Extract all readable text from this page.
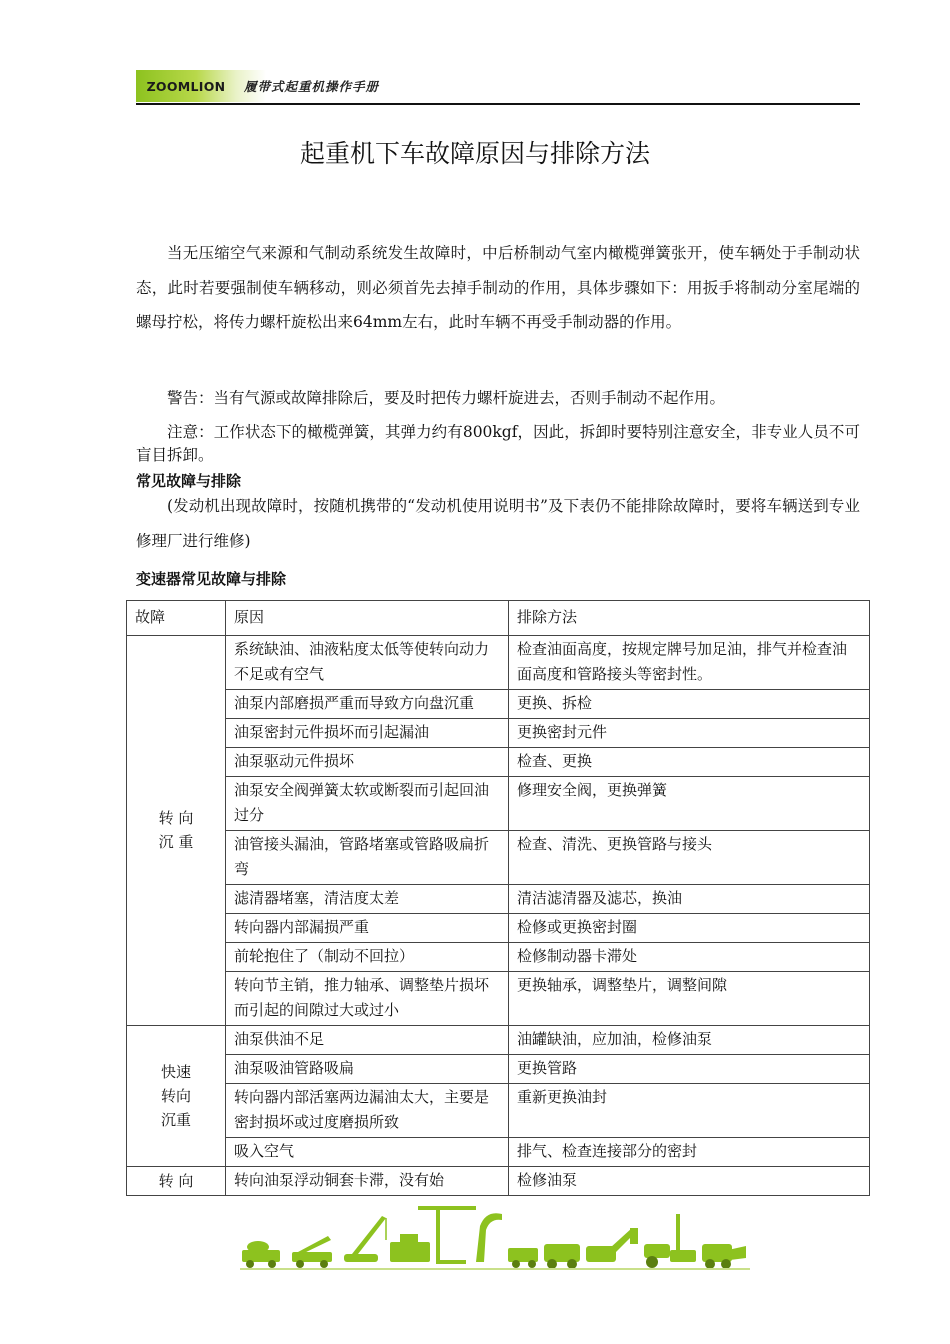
ZOOMLION 履带式起重机操作手册
起重机下车故障原因与排除方法

当无压缩空气来源和气制动系统发生故障时，中后桥制动气室内橄榄弹簧张开，使车辆处于手制动状态，此时若要强制使车辆移动，则必须首先去掉手制动的作用，具体步骤如下：用扳手将制动分室尾端的螺母拧松，将传力螺杆旋松出来64mm左右，此时车辆不再受手制动器的作用。

警告：当有气源或故障排除后，要及时把传力螺杆旋进去，否则手制动不起作用。

注意：工作状态下的橄榄弹簧，其弹力约有800kgf，因此，拆卸时要特别注意安全，非专业人员不可盲目拆卸。

常见故障与排除

(发动机出现故障时，按随机携带的“发动机使用说明书”及下表仍不能排除故障时，要将车辆送到专业修理厂进行维修)

变速器常见故障与排除
故障	原因	排除方法
转 向
沉 重	系统缺油、油液粘度太低等使转向动力不足或有空气	检查油面高度，按规定牌号加足油，排气并检查油面高度和管路接头等密封性。
	油泵内部磨损严重而导致方向盘沉重	更换、拆检
	油泵密封元件损坏而引起漏油	更换密封元件
	油泵驱动元件损坏	检查、更换
	油泵安全阀弹簧太软或断裂而引起回油过分	修理安全阀，更换弹簧
	油管接头漏油，管路堵塞或管路吸扁折弯	检查、清洗、更换管路与接头
	滤清器堵塞，清洁度太差	清洁滤清器及滤芯，换油
	转向器内部漏损严重	检修或更换密封圈
	前轮抱住了（制动不回拉）	检修制动器卡滞处
	转向节主销，推力轴承、调整垫片损坏而引起的间隙过大或过小	更换轴承，调整垫片，调整间隙
快速
转向
沉重	油泵供油不足	油罐缺油，应加油，检修油泵
	油泵吸油管路吸扁	更换管路
	转向器内部活塞两边漏油太大，主要是密封损坏或过度磨损所致	重新更换油封
	吸入空气	排气、检查连接部分的密封
转 向	转向油泵浮动铜套卡滞，没有始	检修油泵
